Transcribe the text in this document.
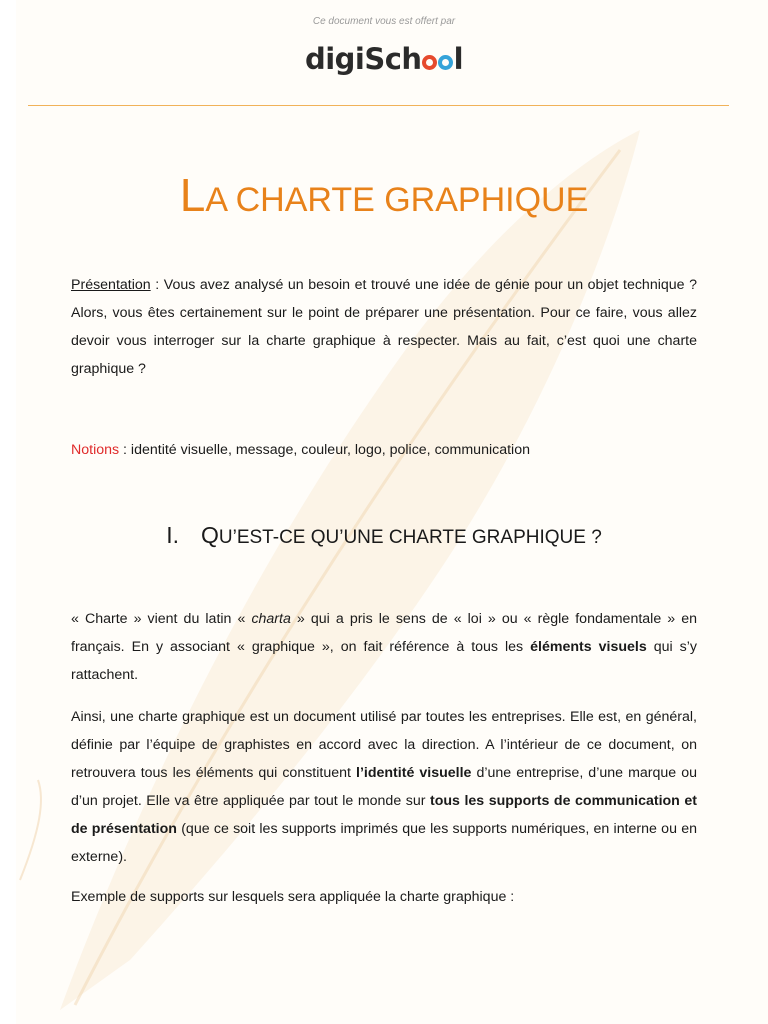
Ce document vous est offert par
digiSch l
LA CHARTE GRAPHIQUE
Présentation : Vous avez analysé un besoin et trouvé une idée de génie pour un objet technique ? Alors, vous êtes certainement sur le point de préparer une présentation. Pour ce faire, vous allez devoir vous interroger sur la charte graphique à respecter. Mais au fait, c’est quoi une charte graphique ?
Notions : identité visuelle, message, couleur, logo, police, communication
I. QU’EST-CE QU’UNE CHARTE GRAPHIQUE ?
« Charte » vient du latin « charta » qui a pris le sens de « loi » ou « règle fondamentale » en français. En y associant « graphique », on fait référence à tous les éléments visuels qui s’y rattachent.
Ainsi, une charte graphique est un document utilisé par toutes les entreprises. Elle est, en général, définie par l’équipe de graphistes en accord avec la direction. A l’intérieur de ce document, on retrouvera tous les éléments qui constituent l’identité visuelle d’une entreprise, d’une marque ou d’un projet. Elle va être appliquée par tout le monde sur tous les supports de communication et de présentation (que ce soit les supports imprimés que les supports numériques, en interne ou en externe).
Exemple de supports sur lesquels sera appliquée la charte graphique :
